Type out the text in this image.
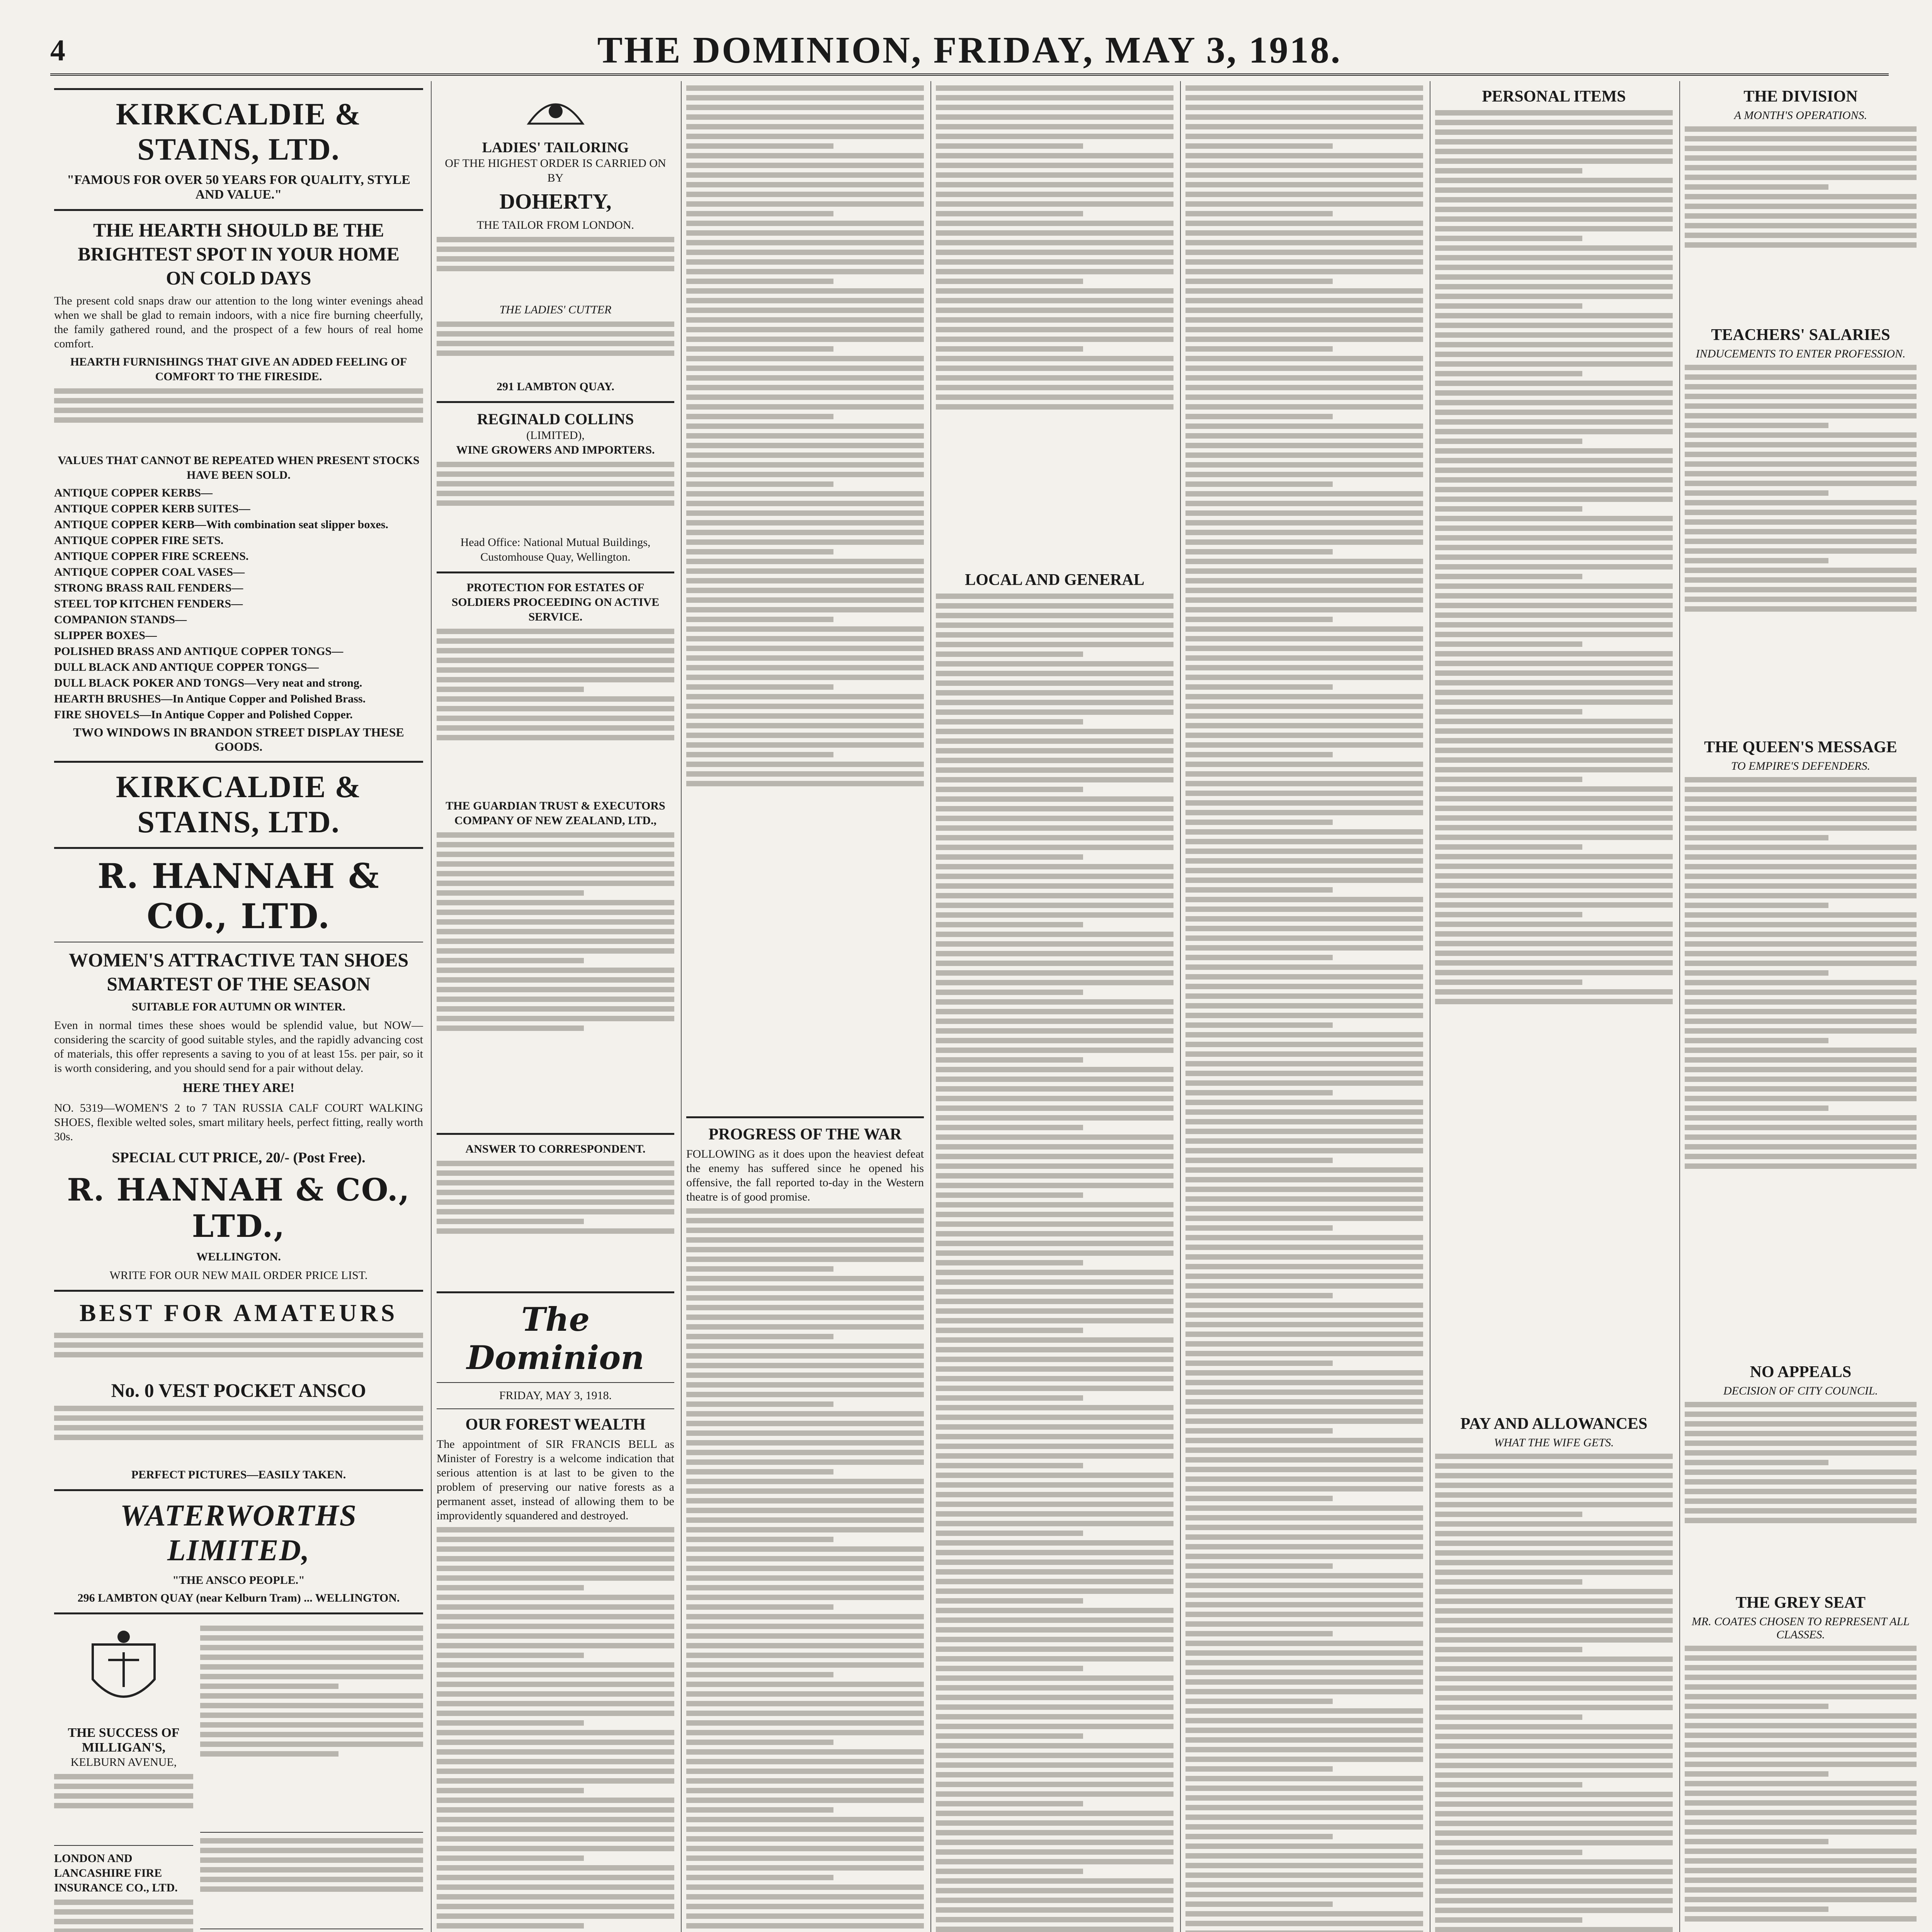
4	THE DOMINION, FRIDAY, MAY 3, 1918.
KIRKCALDIE & STAINS, LTD.
"FAMOUS FOR OVER 50 YEARS FOR QUALITY, STYLE AND VALUE."
THE HEARTH SHOULD BE THE BRIGHTEST SPOT IN YOUR HOME ON COLD DAYS
The present cold snaps draw our attention to the long winter evenings ahead when we shall be glad to remain indoors, with a nice fire burning cheerfully, the family gathered round, and the prospect of a few hours of real home comfort.
HEARTH FURNISHINGS THAT GIVE AN ADDED FEELING OF COMFORT TO THE FIRESIDE.
VALUES THAT CANNOT BE REPEATED WHEN PRESENT STOCKS HAVE BEEN SOLD.
ANTIQUE COPPER KERBS—
ANTIQUE COPPER KERB SUITES—
ANTIQUE COPPER KERB—With combination seat slipper boxes.
ANTIQUE COPPER FIRE SETS.
ANTIQUE COPPER FIRE SCREENS.
ANTIQUE COPPER COAL VASES—
STRONG BRASS RAIL FENDERS—
STEEL TOP KITCHEN FENDERS—
COMPANION STANDS—
SLIPPER BOXES—
POLISHED BRASS AND ANTIQUE COPPER TONGS—
DULL BLACK AND ANTIQUE COPPER TONGS—
DULL BLACK POKER AND TONGS—Very neat and strong.
HEARTH BRUSHES—In Antique Copper and Polished Brass.
FIRE SHOVELS—In Antique Copper and Polished Copper.
TWO WINDOWS IN BRANDON STREET DISPLAY THESE GOODS.
KIRKCALDIE & STAINS, LTD.
R. HANNAH & CO., LTD.
WOMEN'S ATTRACTIVE TAN SHOES SMARTEST OF THE SEASON
SUITABLE FOR AUTUMN OR WINTER.
Even in normal times these shoes would be splendid value, but NOW—considering the scarcity of good suitable styles, and the rapidly advancing cost of materials, this offer represents a saving to you of at least 15s. per pair, so it is worth considering, and you should send for a pair without delay.
HERE THEY ARE!
NO. 5319—WOMEN'S 2 to 7 TAN RUSSIA CALF COURT WALKING SHOES, flexible welted soles, smart military heels, perfect fitting, really worth 30s.
SPECIAL CUT PRICE, 20/- (Post Free).
R. HANNAH & CO., LTD.,
WELLINGTON.
WRITE FOR OUR NEW MAIL ORDER PRICE LIST.
BEST FOR AMATEURS
No. 0 VEST POCKET ANSCO
PERFECT PICTURES—EASILY TAKEN.
WATERWORTHS LIMITED,
"THE ANSCO PEOPLE."
296 LAMBTON QUAY (near Kelburn Tram) ... WELLINGTON.
THE SUCCESS OF MILLIGAN'S,
KELBURN AVENUE,
LONDON AND LANCASHIRE FIRE INSURANCE CO., LTD.
LADIES' TAILORING
OF THE HIGHEST ORDER IS CARRIED ON BY
DOHERTY,
THE TAILOR FROM LONDON.
THE LADIES' CUTTER
291 LAMBTON QUAY.
REGINALD COLLINS
(LIMITED),
WINE GROWERS AND IMPORTERS.
Head Office: National Mutual Buildings, Customhouse Quay, Wellington.
PROTECTION FOR ESTATES OF SOLDIERS PROCEEDING ON ACTIVE SERVICE.
THE GUARDIAN TRUST & EXECUTORS COMPANY OF NEW ZEALAND, LTD.,
ANSWER TO CORRESPONDENT.
The Dominion
FRIDAY, MAY 3, 1918.
OUR FOREST WEALTH
The appointment of SIR FRANCIS BELL as Minister of Forestry is a welcome indication that serious attention is at last to be given to the problem of preserving our native forests as a permanent asset, instead of allowing them to be improvidently squandered and destroyed.
PROGRESS OF THE WAR
FOLLOWING as it does upon the heaviest defeat the enemy has suffered since he opened his offensive, the fall reported to-day in the Western theatre is of good promise.
LOCAL AND GENERAL
PERSONAL ITEMS
PAY AND ALLOWANCES
WHAT THE WIFE GETS.
THE DIVISION
A MONTH'S OPERATIONS.
TEACHERS' SALARIES
INDUCEMENTS TO ENTER PROFESSION.
THE QUEEN'S MESSAGE
TO EMPIRE'S DEFENDERS.
NO APPEALS
DECISION OF CITY COUNCIL.
THE GREY SEAT
MR. COATES CHOSEN TO REPRESENT ALL CLASSES.
